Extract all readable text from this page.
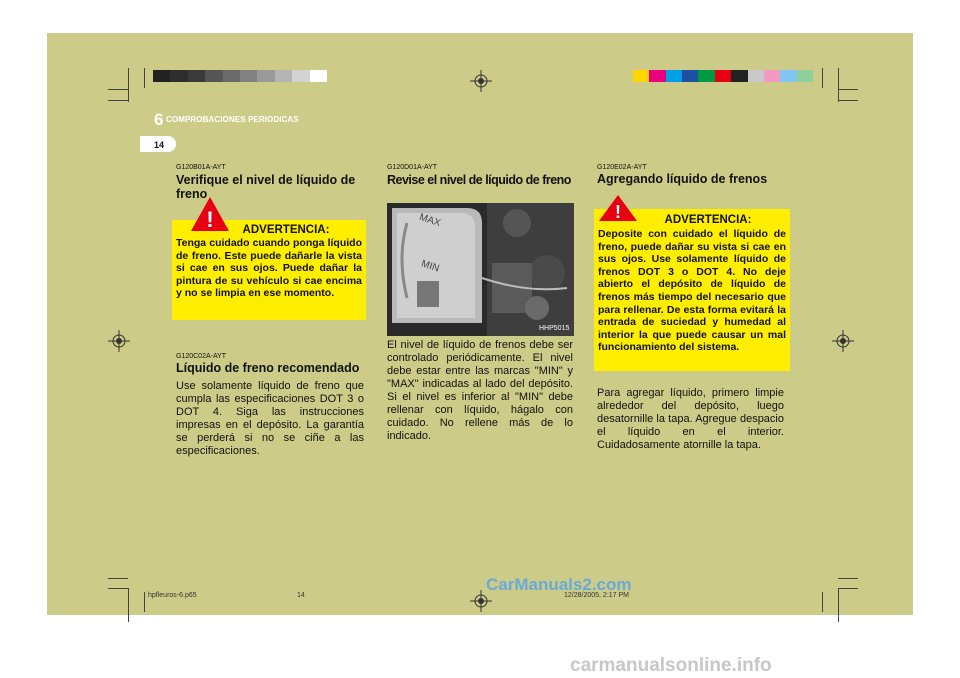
6 COMPROBACIONES PERIODICAS
14
G120B01A-AYT
Verifique el nivel de líquido de freno
ADVERTENCIA:
Tenga cuidado cuando ponga líquido de freno. Este puede dañarle la vista si cae en sus ojos. Puede dañar la pintura de su vehículo si cae encima y no se limpia en ese momento.
!
G120C02A-AYT
Líquido de freno recomendado
Use solamente líquido de freno que cumpla las especificaciones DOT 3 o DOT 4. Siga las instrucciones impresas en el depósito. La garantía se perderá si no se ciñe a las especificaciones.
G120D01A-AYT
Revise el nivel de líquido de freno
MAX
MIN
HHP5015
El nivel de líquido de frenos debe ser controlado periódicamente. El nivel debe estar entre las marcas "MIN" y "MAX" indicadas al lado del depósito. Si el nivel es inferior al "MIN" debe rellenar con líquido, hágalo con cuidado. No rellene más de lo indicado.
G120E02A-AYT
Agregando líquido de frenos
ADVERTENCIA:
Deposite con cuidado el líquido de freno, puede dañar su vista si cae en sus ojos. Use solamente líquido de frenos DOT 3 o DOT 4. No deje abierto el depósito de líquido de frenos más tiempo del necesario que para rellenar. De esta forma evitará la entrada de suciedad y humedad al interior la que puede causar un mal funcionamiento del sistema.
!
Para agregar líquido, primero limpie alrededor del depósito, luego desatornille la tapa. Agregue despacio el líquido en el interior. Cuidadosamente atornille la tapa.
hpfleuros-6.p65	14	12/28/2005, 2:17 PM
CarManuals2.com
carmanualsonline.info
